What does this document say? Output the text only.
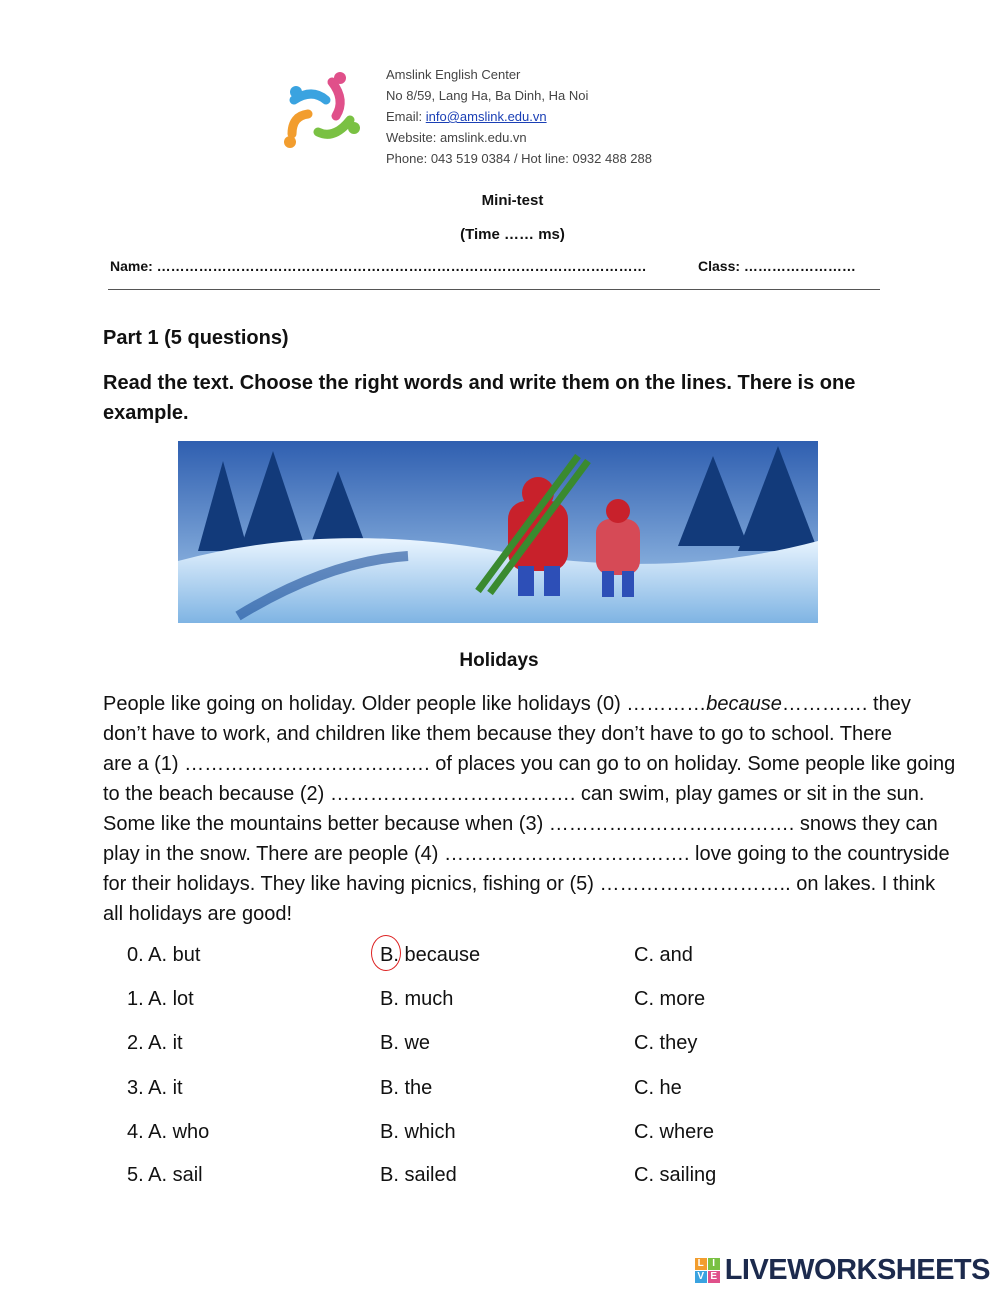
Amslink English Center
No 8/59, Lang Ha, Ba Dinh, Ha Noi
Email: info@amslink.edu.vn
Website: amslink.edu.vn
Phone: 043 519 0384 / Hot line: 0932 488 288
Mini-test
(Time …… ms)
Name: ……………………………………………………………………………………………	Class: ……………………
Part 1 (5 questions)
Read the text. Choose the right words and write them on the lines. There is one example.
Holidays
People like going on holiday. Older people like holidays (0) …………because…………. they
don’t have to work, and children like them because they don’t have to go to school. There
are a (1) ………………………………. of places you can go to on holiday. Some people like going
to the beach because (2) ………………………………. can swim, play games or sit in the sun.
Some like the mountains better because when (3) ………………………………. snows they can
play in the snow. There are people (4) ………………………………. love going to the countryside
for their holidays. They like having picnics, fishing or (5) ……………………….. on lakes. I think
all holidays are good!
0. A. but	B. because	C. and
1. A. lot	B. much	C. more
2. A. it	B. we	C. they
3. A. it	B. the	C. he
4. A. who	B. which	C. where
5. A. sail	B. sailed	C. sailing
L I
V E LIVEWORKSHEETS
